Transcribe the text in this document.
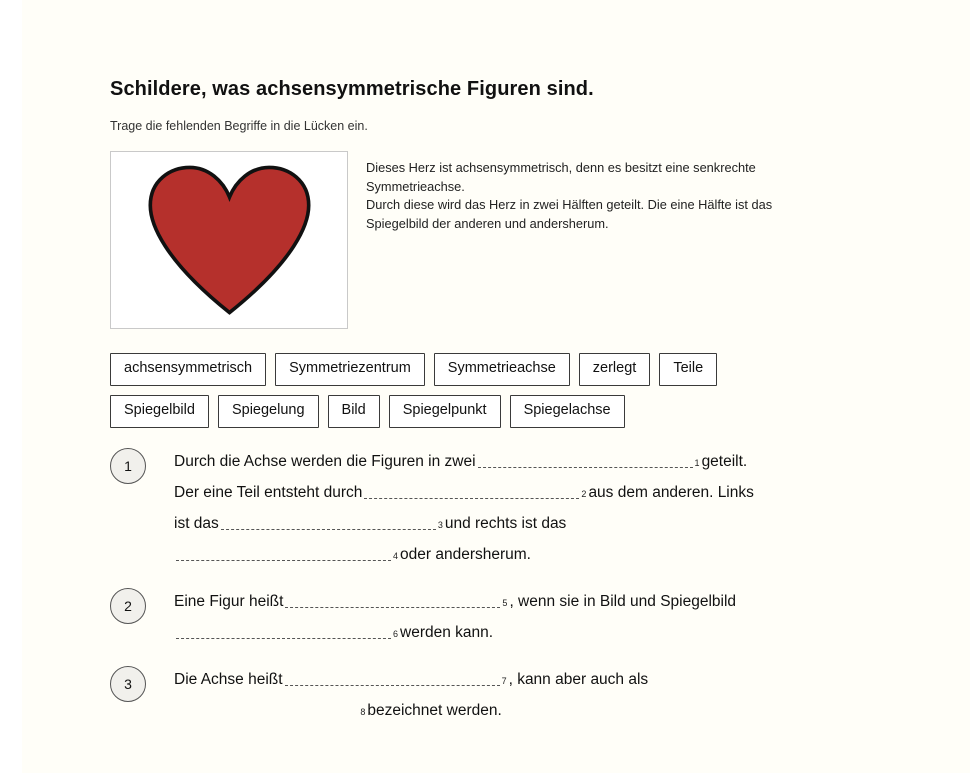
Schildere, was achsensymmetrische Figuren sind.
Trage die fehlenden Begriffe in die Lücken ein.
Dieses Herz ist achsensymmetrisch, denn es besitzt eine senkrechte
Symmetrieachse.
Durch diese wird das Herz in zwei Hälften geteilt. Die eine Hälfte ist das
Spiegelbild der anderen und andersherum.
achsensymmetrisch	Symmetriezentrum	Symmetrieachse	zerlegt	Teile
Spiegelbild	Spiegelung	Bild	Spiegelpunkt	Spiegelachse
1	Durch die Achse werden die Figuren in zwei	1 geteilt.
Der eine Teil entsteht durch	2 aus dem anderen. Links
ist das	3 und rechts ist das
4 oder andersherum.
2	Eine Figur heißt	5 , wenn sie in Bild und Spiegelbild
6 werden kann.
3	Die Achse heißt	7 , kann aber auch als
8 bezeichnet werden.
